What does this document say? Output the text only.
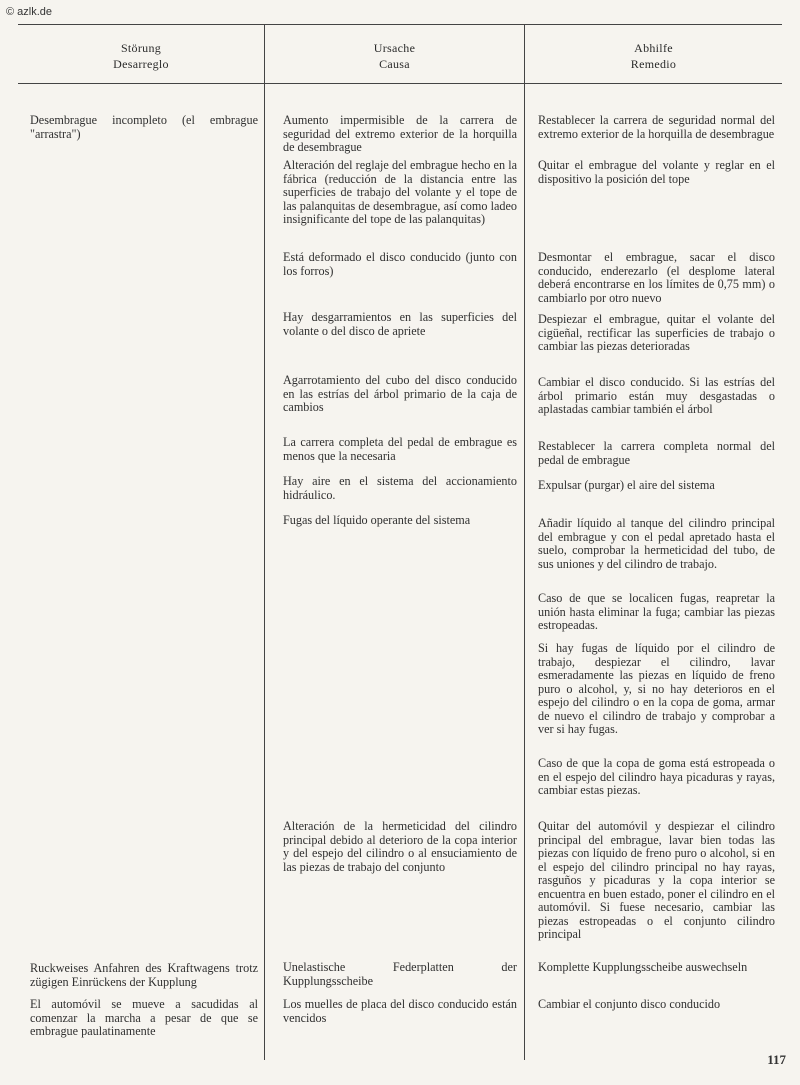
© azlk.de
Störung
Desarreglo
Ursache
Causa
Abhilfe
Remedio

Desembrague incompleto (el embrague "arrastra")

Ruckweises Anfahren des Kraftwagens trotz zügigen Einrückens der Kupplung

El automóvil se mueve a sacudidas al comenzar la marcha a pesar de que se embrague paulatinamente

Aumento impermisible de la carrera de seguridad del extremo exterior de la horquilla de desembrague

Alteración del reglaje del embrague hecho en la fábrica (reducción de la distancia entre las superficies de trabajo del volante y el tope de las palanquitas de desembrague, así como ladeo insignificante del tope de las palanquitas)

Está deformado el disco conducido (junto con los forros)

Hay desgarramientos en las superficies del volante o del disco de apriete

Agarrotamiento del cubo del disco conducido en las estrías del árbol primario de la caja de cambios

La carrera completa del pedal de embrague es menos que la necesaria

Hay aire en el sistema del accionamiento hidráulico.

Fugas del líquido operante del sistema

Alteración de la hermeticidad del cilindro principal debido al deterioro de la copa interior y del espejo del cilindro o al ensuciamiento de las piezas de trabajo del conjunto

Unelastische Federplatten der Kupplungsscheibe

Los muelles de placa del disco conducido están vencidos

Restablecer la carrera de seguridad normal del extremo exterior de la horquilla de desembrague

Quitar el embrague del volante y reglar en el dispositivo la posición del tope

Desmontar el embrague, sacar el disco conducido, enderezarlo (el desplome lateral deberá encontrarse en los límites de 0,75 mm) o cambiarlo por otro nuevo

Despiezar el embrague, quitar el volante del cigüeñal, rectificar las superficies de trabajo o cambiar las piezas deterioradas

Cambiar el disco conducido. Si las estrías del árbol primario están muy desgastadas o aplastadas cambiar también el árbol

Restablecer la carrera completa normal del pedal de embrague

Expulsar (purgar) el aire del sistema

Añadir líquido al tanque del cilindro principal del embrague y con el pedal apretado hasta el suelo, comprobar la hermeticidad del tubo, de sus uniones y del cilindro de trabajo.

Caso de que se localicen fugas, reapretar la unión hasta eliminar la fuga; cambiar las piezas estropeadas.

Si hay fugas de líquido por el cilindro de trabajo, despiezar el cilindro, lavar esmeradamente las piezas en líquido de freno puro o alcohol, y, si no hay deterioros en el espejo del cilindro o en la copa de goma, armar de nuevo el cilindro de trabajo y comprobar a ver si hay fugas.

Caso de que la copa de goma está estropeada o en el espejo del cilindro haya picaduras y rayas, cambiar estas piezas.

Quitar del automóvil y despiezar el cilindro principal del embrague, lavar bien todas las piezas con líquido de freno puro o alcohol, si en el espejo del cilindro principal no hay rayas, rasguños y picaduras y la copa interior se encuentra en buen estado, poner el cilindro en el automóvil. Si fuese necesario, cambiar las piezas estropeadas o el conjunto cilindro principal

Komplette Kupplungsscheibe auswechseln

Cambiar el conjunto disco conducido

117
